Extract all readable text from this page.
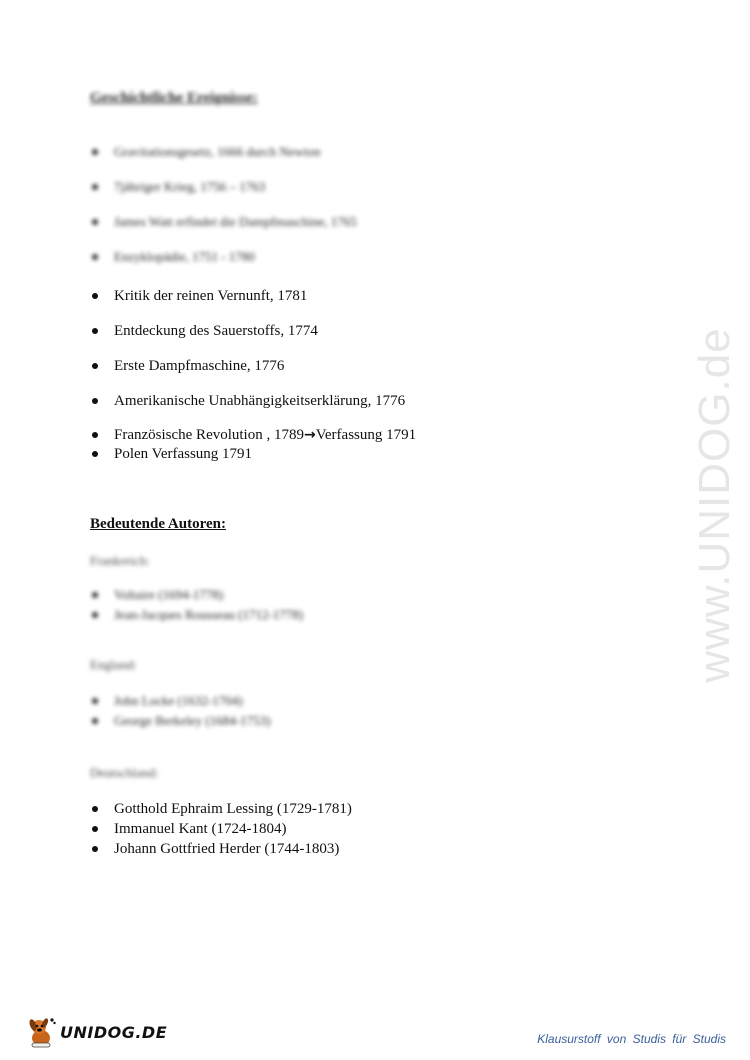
www.UNIDOG.de
Geschichtliche Ereignisse:
Gravitationsgesetz, 1666 durch Newton
7jähriger Krieg, 1756 – 1763
James Watt erfindet die Dampfmaschine, 1765
Enzyklopädie, 1751 - 1780
Kritik der reinen Vernunft, 1781
Entdeckung des Sauerstoffs, 1774
Erste Dampfmaschine, 1776
Amerikanische Unabhängigkeitserklärung, 1776
Französische Revolution , 1789→Verfassung 1791
Polen Verfassung 1791
Bedeutende Autoren:

Frankreich:

Voltaire (1694-1778)
Jean-Jacques Rousseau (1712-1778)

England:

John Locke (1632-1704)
George Berkeley (1684-1753)

Deutschland:

Gotthold Ephraim Lessing (1729-1781)
Immanuel Kant (1724-1804)
Johann Gottfried Herder (1744-1803)
UNIDOG.DE	Klausurstoff von Studis für Studis
